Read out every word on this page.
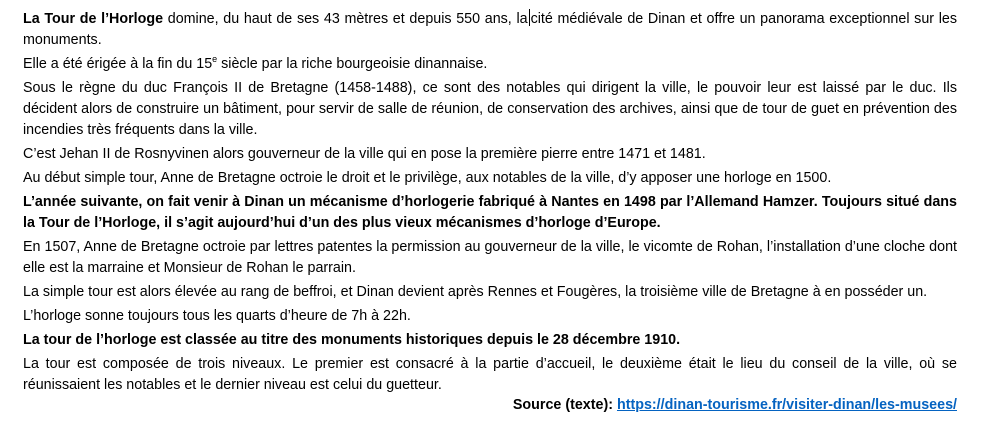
La Tour de l’Horloge domine, du haut de ses 43 mètres et depuis 550 ans, la cité médiévale de Dinan et offre un panorama exceptionnel sur les monuments.

Elle a été érigée à la fin du 15e siècle par la riche bourgeoisie dinannaise.

Sous le règne du duc François II de Bretagne (1458-1488), ce sont des notables qui dirigent la ville, le pouvoir leur est laissé par le duc. Ils décident alors de construire un bâtiment, pour servir de salle de réunion, de conservation des archives, ainsi que de tour de guet en prévention des incendies très fréquents dans la ville.

C’est Jehan II de Rosnyvinen alors gouverneur de la ville qui en pose la première pierre entre 1471 et 1481.

Au début simple tour, Anne de Bretagne octroie le droit et le privilège, aux notables de la ville, d’y apposer une horloge en 1500.

L’année suivante, on fait venir à Dinan un mécanisme d’horlogerie fabriqué à Nantes en 1498 par l’Allemand Hamzer. Toujours situé dans la Tour de l’Horloge, il s’agit aujourd’hui d’un des plus vieux mécanismes d’horloge d’Europe.

En 1507, Anne de Bretagne octroie par lettres patentes la permission au gouverneur de la ville, le vicomte de Rohan, l’installation d’une cloche dont elle est la marraine et Monsieur de Rohan le parrain.

La simple tour est alors élevée au rang de beffroi, et Dinan devient après Rennes et Fougères, la troisième ville de Bretagne à en posséder un.

L’horloge sonne toujours tous les quarts d’heure de 7h à 22h.

La tour de l’horloge est classée au titre des monuments historiques depuis le 28 décembre 1910.

La tour est composée de trois niveaux. Le premier est consacré à la partie d’accueil, le deuxième était le lieu du conseil de la ville, où se réunissaient les notables et le dernier niveau est celui du guetteur.

Source (texte): https://dinan-tourisme.fr/visiter-dinan/les-musees/
